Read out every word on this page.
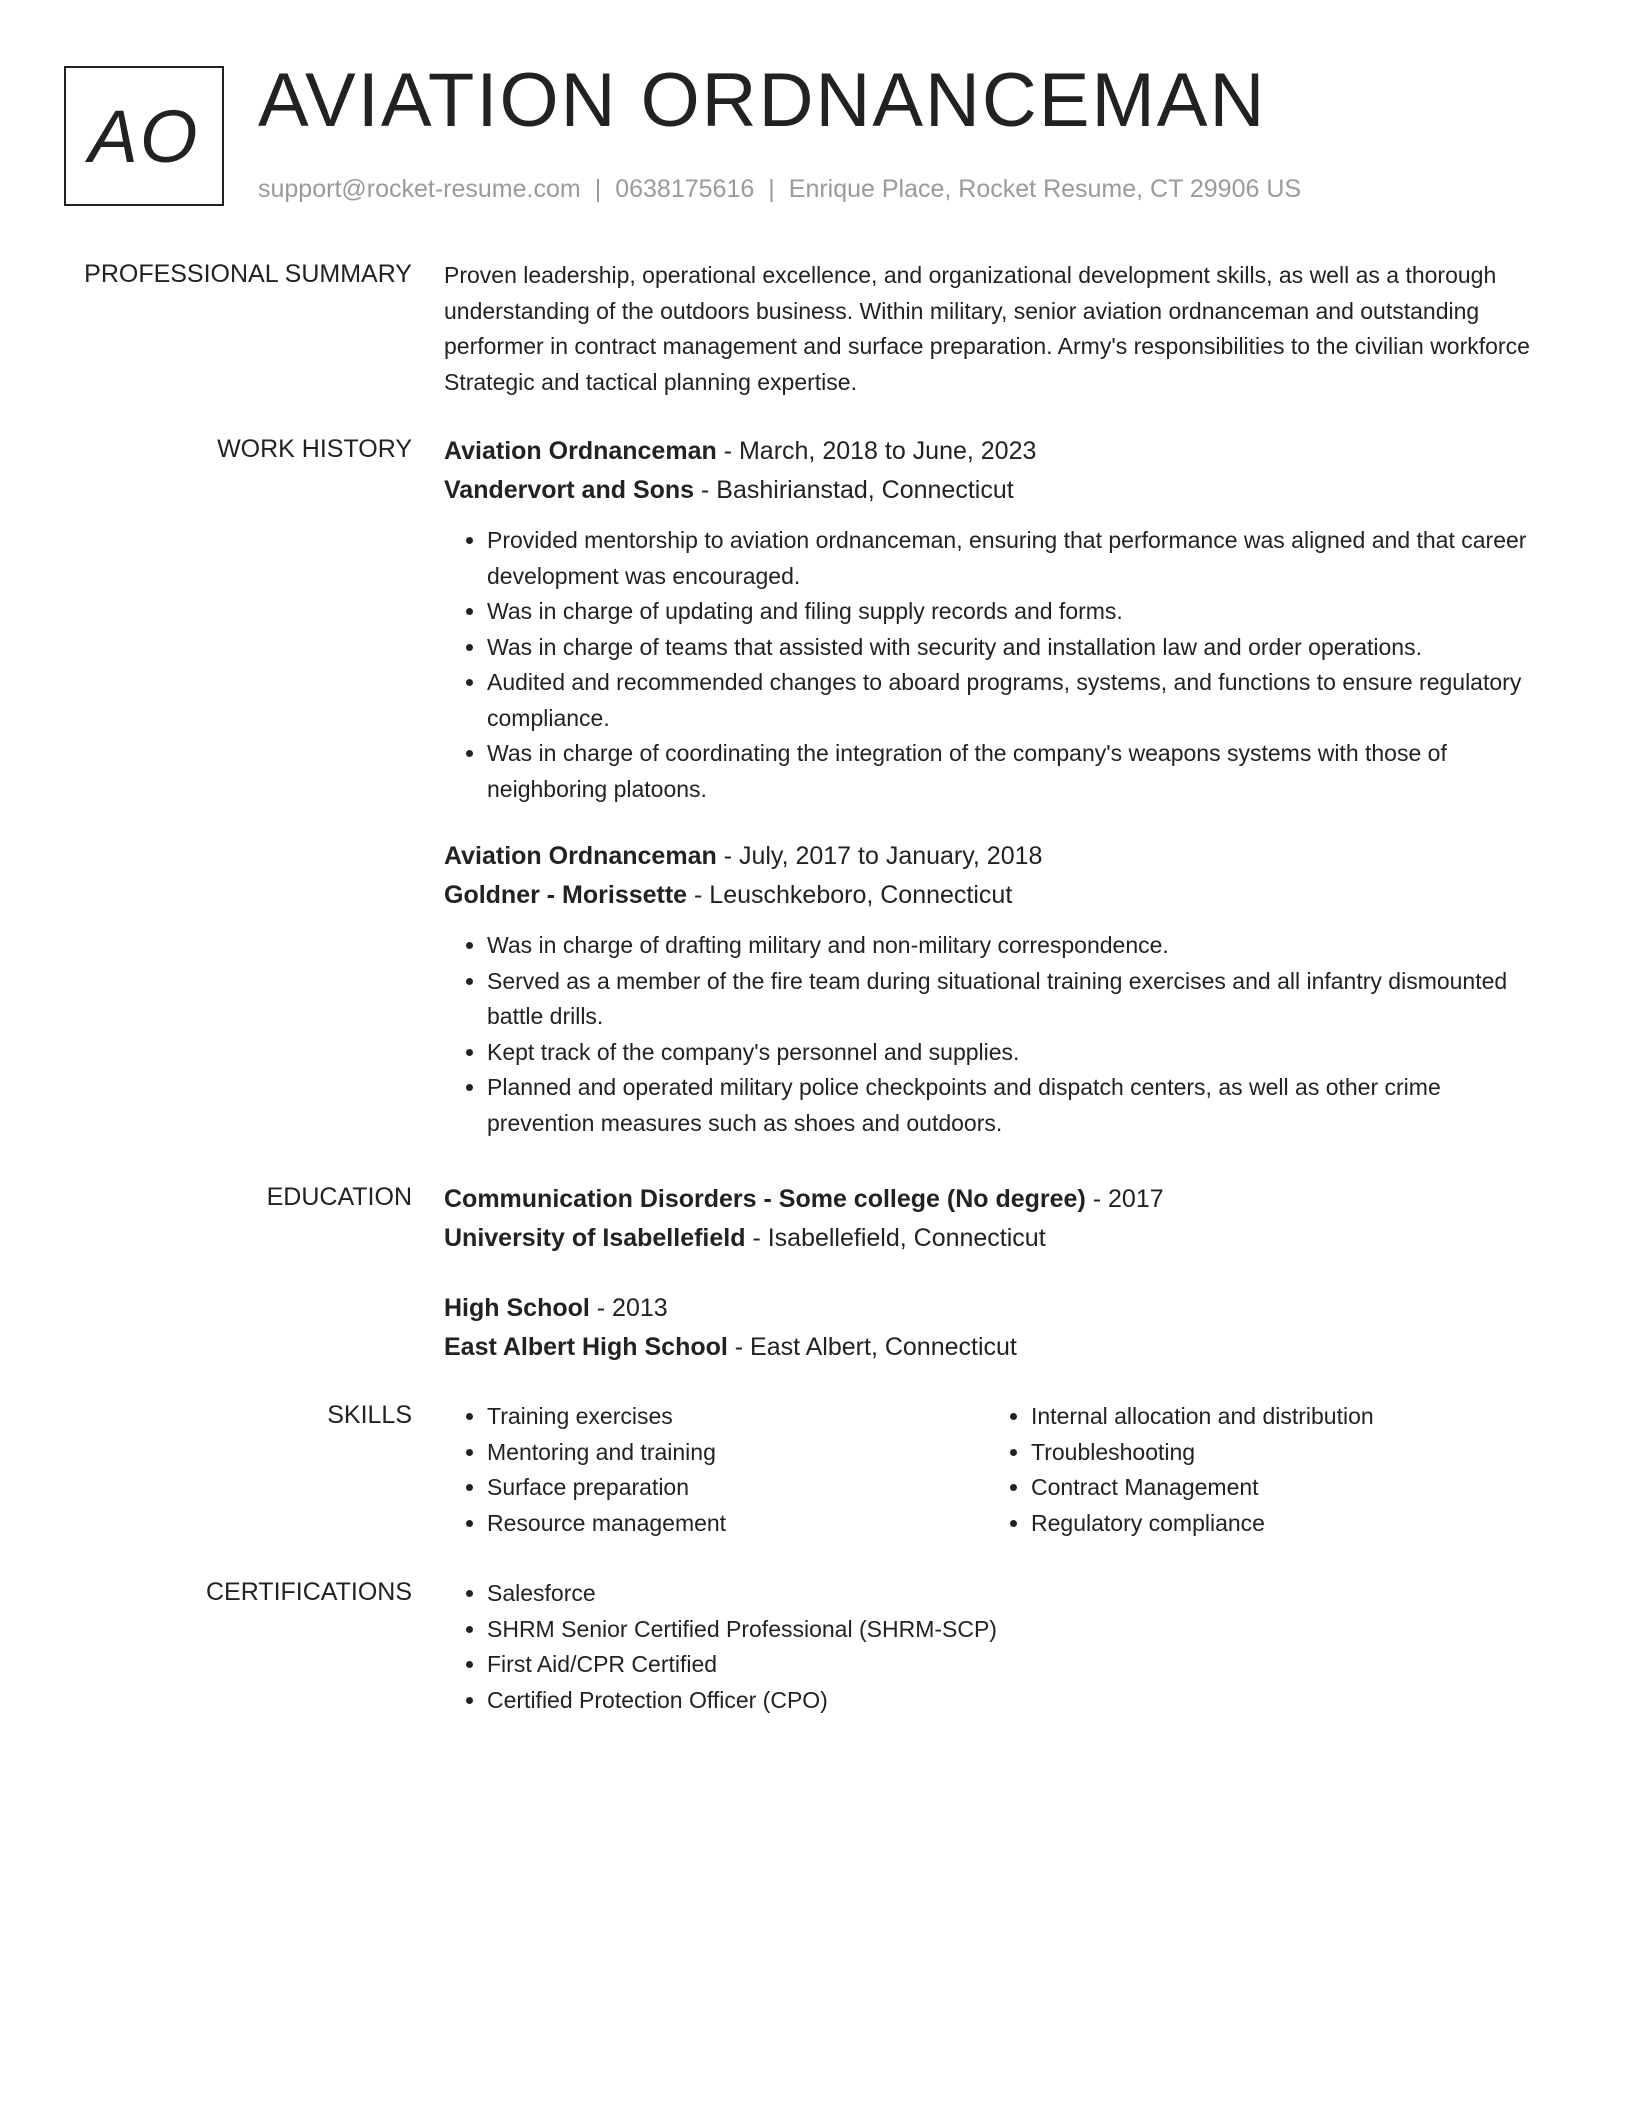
AO AVIATION ORDNANCEMAN
support@rocket-resume.com | 0638175616 | Enrique Place, Rocket Resume, CT 29906 US
PROFESSIONAL SUMMARY Proven leadership, operational excellence, and organizational development skills, as well as a thorough understanding of the outdoors business. Within military, senior aviation ordnanceman and outstanding performer in contract management and surface preparation. Army's responsibilities to the civilian workforce Strategic and tactical planning expertise.

WORK HISTORY Aviation Ordnanceman - March, 2018 to June, 2023
Vandervort and Sons - Bashirianstad, Connecticut
• Provided mentorship to aviation ordnanceman, ensuring that performance was aligned and that career development was encouraged.
• Was in charge of updating and filing supply records and forms.
• Was in charge of teams that assisted with security and installation law and order operations.
• Audited and recommended changes to aboard programs, systems, and functions to ensure regulatory compliance.
• Was in charge of coordinating the integration of the company's weapons systems with those of neighboring platoons.
Aviation Ordnanceman - July, 2017 to January, 2018
Goldner - Morissette - Leuschkeboro, Connecticut
• Was in charge of drafting military and non-military correspondence.
• Served as a member of the fire team during situational training exercises and all infantry dismounted battle drills.
• Kept track of the company's personnel and supplies.
• Planned and operated military police checkpoints and dispatch centers, as well as other crime prevention measures such as shoes and outdoors.
EDUCATION Communication Disorders - Some college (No degree) - 2017
University of Isabellefield - Isabellefield, Connecticut
High School - 2013
East Albert High School - East Albert, Connecticut
SKILLS	• Training exercises
• Mentoring and training
• Surface preparation
• Resource management
• Internal allocation and distribution
• Troubleshooting
• Contract Management
• Regulatory compliance
CERTIFICATIONS	• Salesforce
• SHRM Senior Certified Professional (SHRM-SCP)
• First Aid/CPR Certified
• Certified Protection Officer (CPO)
